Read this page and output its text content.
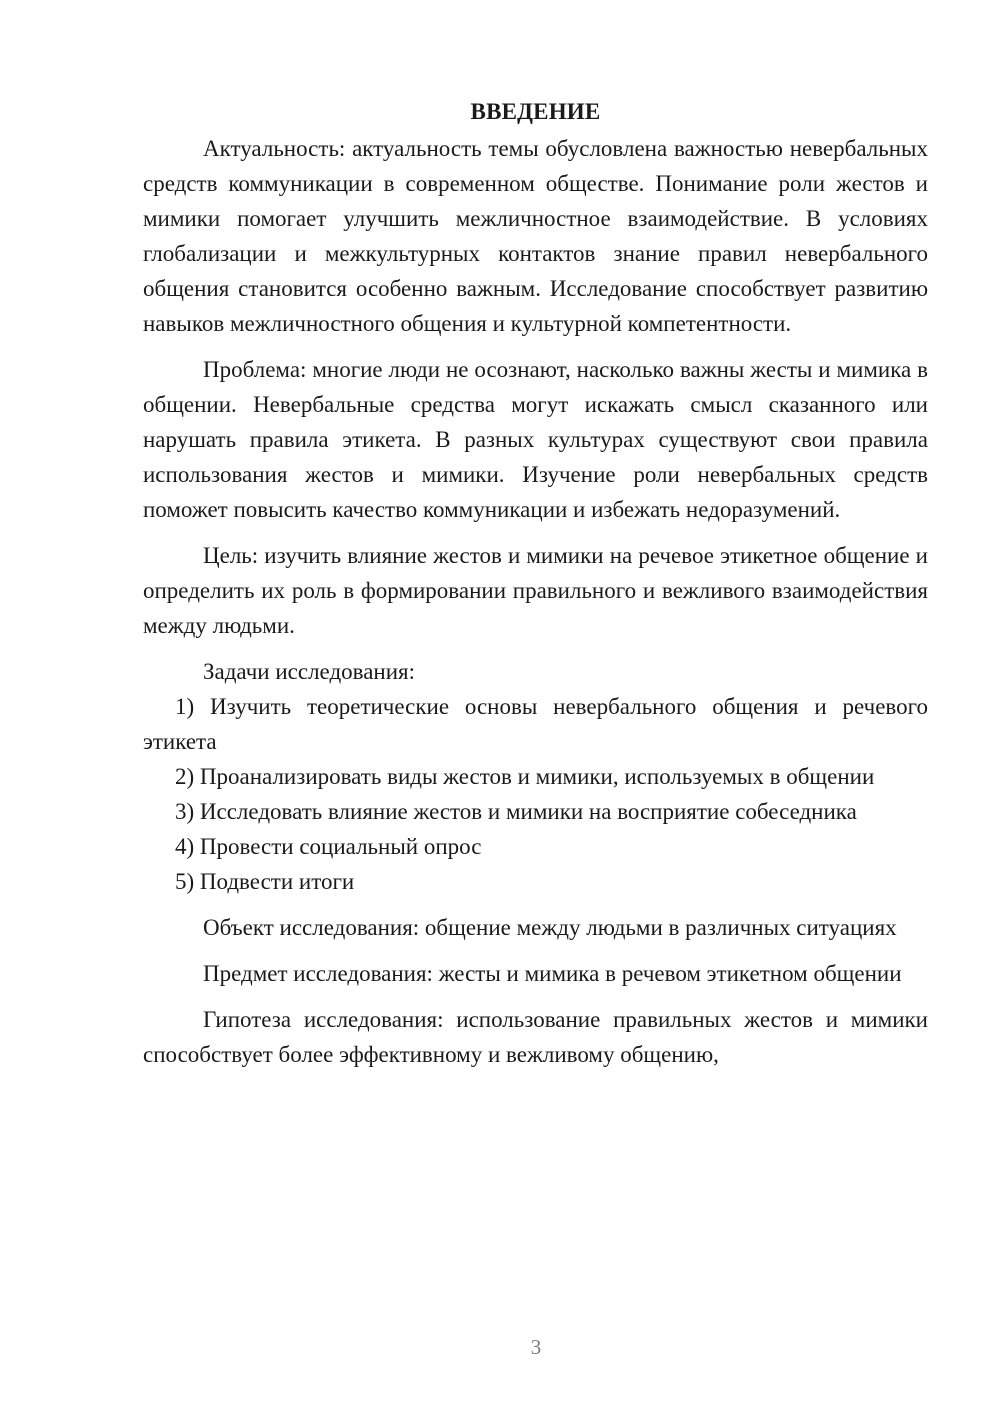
ВВЕДЕНИЕ

Актуальность: актуальность темы обусловлена важностью невербальных средств коммуникации в современном обществе. Понимание роли жестов и мимики помогает улучшить межличностное взаимодействие. В условиях глобализации и межкультурных контактов знание правил невербального общения становится особенно важным. Исследование способствует развитию навыков межличностного общения и культурной компетентности.

Проблема: многие люди не осознают, насколько важны жесты и мимика в общении. Невербальные средства могут искажать смысл сказанного или нарушать правила этикета. В разных культурах существуют свои правила использования жестов и мимики. Изучение роли невербальных средств поможет повысить качество коммуникации и избежать недоразумений.

Цель: изучить влияние жестов и мимики на речевое этикетное общение и определить их роль в формировании правильного и вежливого взаимодействия между людьми.

Задачи исследования:

1) Изучить теоретические основы невербального общения и речевого этикета

2) Проанализировать виды жестов и мимики, используемых в общении

3) Исследовать влияние жестов и мимики на восприятие собеседника

4) Провести социальный опрос

5) Подвести итоги

Объект исследования: общение между людьми в различных ситуациях

Предмет исследования: жесты и мимика в речевом этикетном общении

Гипотеза исследования: использование правильных жестов и мимики способствует более эффективному и вежливому общению,

3
